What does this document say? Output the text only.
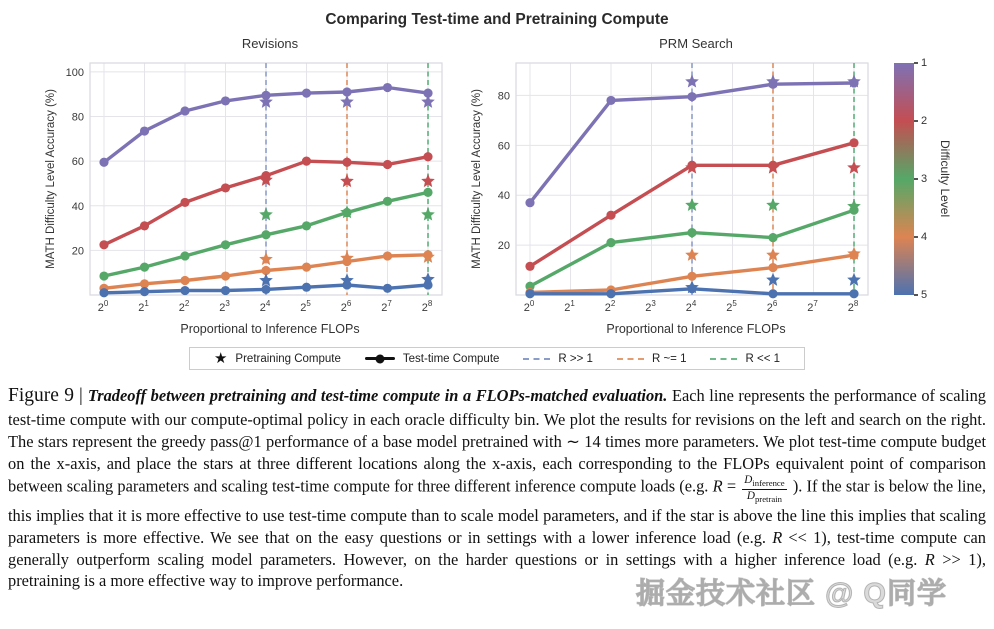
Comparing Test-time and Pretraining Compute
Revisions
20
40
60
80
100
$2^0$	$2^1$	$2^2$	$2^3$	$2^4$	$2^5$	$2^6$	$2^7$	$2^8$
MATH Difficulty Level Accuracy (%)
Proportional to Inference FLOPs
PRM Search
20
40
60
80
$2^0$	$2^1$	$2^2$	$2^3$	$2^4$	$2^5$	$2^6$	$2^7$	$2^8$
MATH Difficulty Level Accuracy (%)
Proportional to Inference FLOPs
1
2
3
4
5
Difficulty Level
★ Pretraining Compute	Test-time Compute	R >> 1	R ~= 1	R << 1

Figure 9 | Tradeoff between pretraining and test-time compute in a FLOPs-matched evaluation. Each line represents the performance of scaling test-time compute with our compute-optimal policy in each oracle difficulty bin. We plot the results for revisions on the left and search on the right. The stars represent the greedy pass@1 performance of a base model pretrained with ∼ 14 times more parameters. We plot test-time compute budget on the x-axis, and place the stars at three different locations along the x-axis, each corresponding to the FLOPs equivalent point of comparison between scaling parameters and scaling test-time compute for three different inference compute loads (e.g. $R = \frac{D_{inference}}{D_{pretrain}}$ ). If the star is below the line, this implies that it is more effective to use test-time compute than to scale model parameters, and if the star is above the line this implies that scaling parameters is more effective. We see that on the easy questions or in settings with a lower inference load (e.g. R << 1), test-time compute can generally outperform scaling model parameters. However, on the harder questions or in settings with a higher inference load (e.g. R >> 1), pretraining is a more effective way to improve performance.	掘金技术社区 @ Q同学
